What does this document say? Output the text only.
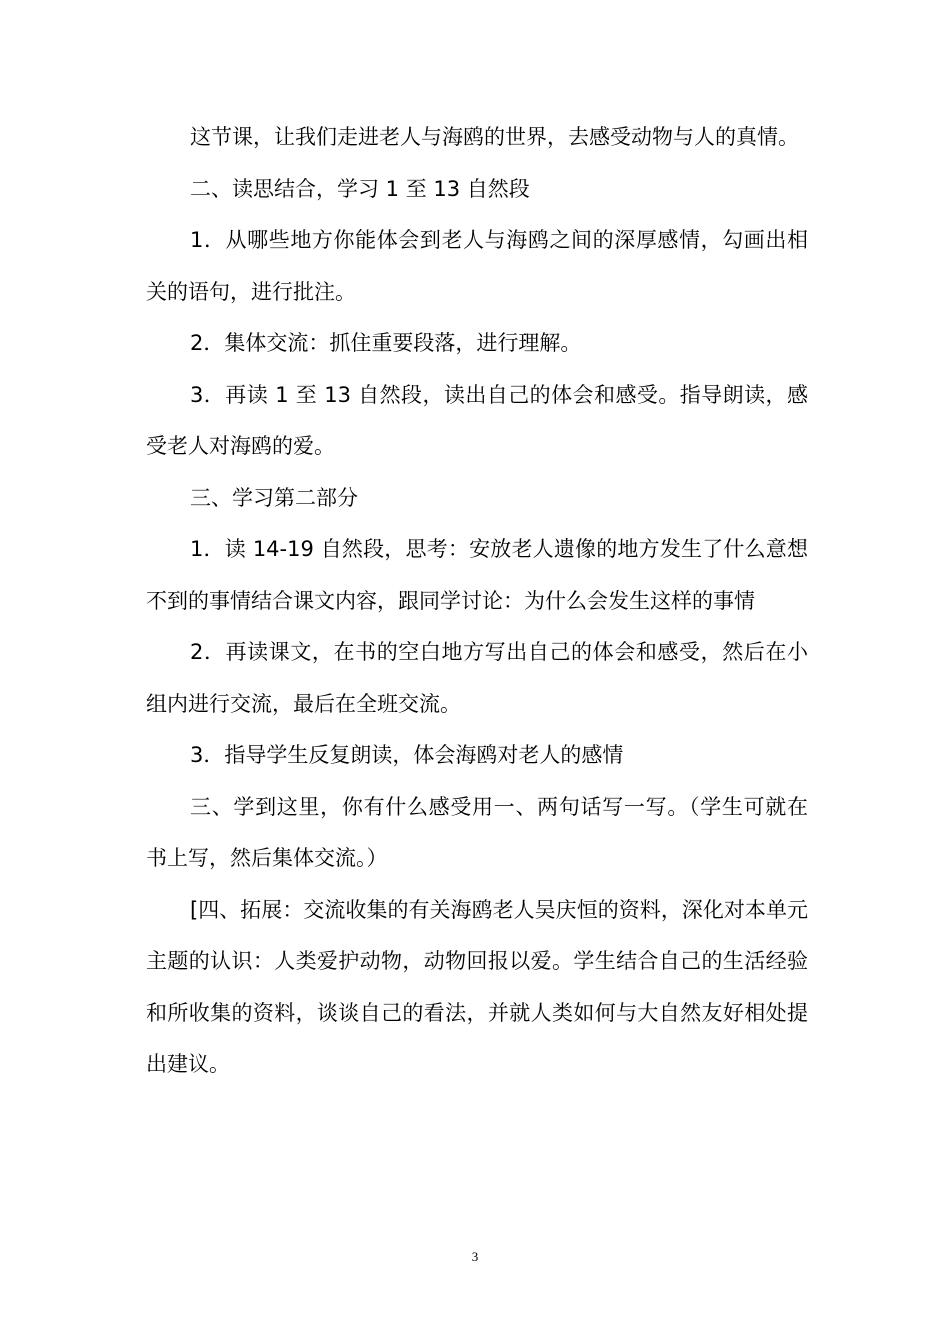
这节课，让我们走进老人与海鸥的世界，去感受动物与人的真情。

二、读思结合，学习 1 至 13 自然段

1．从哪些地方你能体会到老人与海鸥之间的深厚感情，勾画出相关的语句，进行批注。

2．集体交流：抓住重要段落，进行理解。

3．再读 1 至 13 自然段，读出自己的体会和感受。指导朗读，感受老人对海鸥的爱。

三、学习第二部分

1．读 14-19 自然段，思考：安放老人遗像的地方发生了什么意想不到的事情结合课文内容，跟同学讨论：为什么会发生这样的事情

2．再读课文，在书的空白地方写出自己的体会和感受，然后在小组内进行交流，最后在全班交流。

3．指导学生反复朗读，体会海鸥对老人的感情

三、学到这里，你有什么感受用一、两句话写一写。（学生可就在书上写，然后集体交流。）

[四、拓展：交流收集的有关海鸥老人吴庆恒的资料，深化对本单元主题的认识：人类爱护动物，动物回报以爱。学生结合自己的生活经验和所收集的资料，谈谈自己的看法，并就人类如何与大自然友好相处提出建议。

3
